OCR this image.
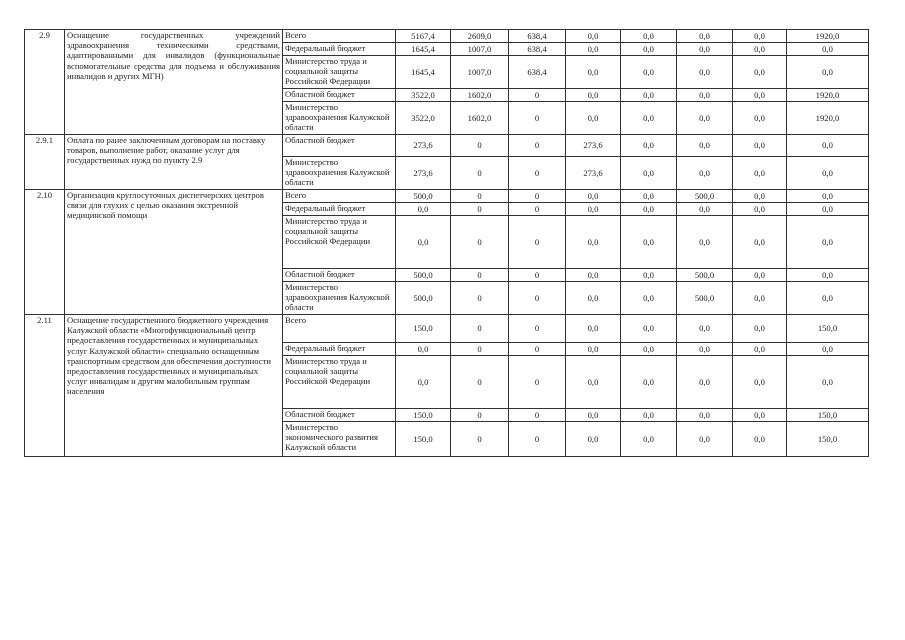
2.9	Оснащение государственных учреждений здравоохранения техническими средствами, адаптированными для инвалидов (функциональные вспомогательные средства для подъема и обслуживания инвалидов и других МГН)	Всего	5167,4	2609,0	638,4	0,0	0,0	0,0	0,0	1920,0
		Федеральный бюджет	1645,4	1007,0	638,4	0,0	0,0	0,0	0,0	0,0
		Министерство труда и социальной защиты Российской Федерации	1645,4	1007,0	638,4	0,0	0,0	0,0	0,0	0,0
		Областной бюджет	3522,0	1602,0	0	0,0	0,0	0,0	0,0	1920,0
		Министерство здравоохранения Калужской области	3522,0	1602,0	0	0,0	0,0	0,0	0,0	1920,0
2.9.1	Оплата по ранее заключенным договорам на поставку товаров, выполнение работ, оказание услуг для государственных нужд по пункту 2.9	Областной бюджет	273,6	0	0	273,6	0,0	0,0	0,0	0,0
		Министерство здравоохранения Калужской области	273,6	0	0	273,6	0,0	0,0	0,0	0,0
2.10	Организация круглосуточных диспетчерских центров связи для глухих с целью оказания экстренной медицинской помощи	Всего	500,0	0	0	0,0	0,0	500,0	0,0	0,0
		Федеральный бюджет	0,0	0	0	0,0	0,0	0,0	0,0	0,0
		Министерство труда и социальной защиты Российской Федерации	0,0	0	0	0,0	0,0	0,0	0,0	0,0
		Областной бюджет	500,0	0	0	0,0	0,0	500,0	0,0	0,0
		Министерство здравоохранения Калужской области	500,0	0	0	0,0	0,0	500,0	0,0	0,0
2.11	Оснащение государственного бюджетного учреждения Калужской области «Многофункциональный центр предоставления государственных и муниципальных услуг Калужской области» специально оснащенным транспортным средством для обеспечения доступности предоставления государственных и муниципальных услуг инвалидам и другим малобильным группам населения	Всего	150,0	0	0	0,0	0,0	0,0	0,0	150,0
		Федеральный бюджет	0,0	0	0	0,0	0,0	0,0	0,0	0,0
		Министерство труда и социальной защиты Российской Федерации	0,0	0	0	0,0	0,0	0,0	0,0	0,0
		Областной бюджет	150,0	0	0	0,0	0,0	0,0	0,0	150,0
		Министерство экономического развития Калужской области	150,0	0	0	0,0	0,0	0,0	0,0	150,0
